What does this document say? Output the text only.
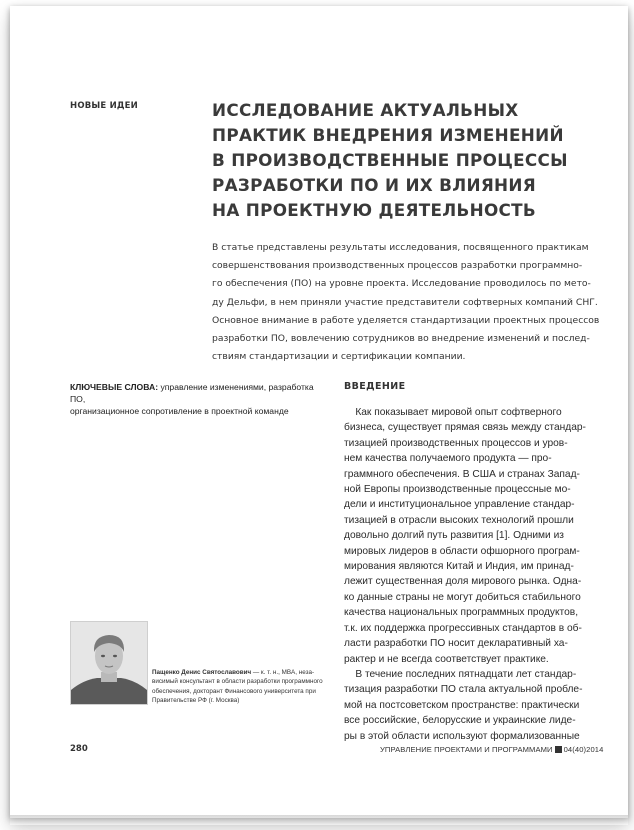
НОВЫЕ ИДЕИ	ИССЛЕДОВАНИЕ АКТУАЛЬНЫХ
ПРАКТИК ВНЕДРЕНИЯ ИЗМЕНЕНИЙ
В ПРОИЗВОДСТВЕННЫЕ ПРОЦЕССЫ
РАЗРАБОТКИ ПО И ИХ ВЛИЯНИЯ
НА ПРОЕКТНУЮ ДЕЯТЕЛЬНОСТЬ
В статье представлены результаты исследования, посвященного практикам
совершенствования производственных процессов разработки программно-
го обеспечения (ПО) на уровне проекта. Исследование проводилось по мето-
ду Дельфи, в нем приняли участие представители софтверных компаний СНГ.
Основное внимание в работе уделяется стандартизации проектных процессов
разработки ПО, вовлечению сотрудников во внедрение изменений и послед-
ствиям стандартизации и сертификации компании.
КЛЮЧЕВЫЕ СЛОВА: управление изменениями, разработка ПО,
организационное сопротивление в проектной команде
ВВЕДЕНИЕ
Как показывает мировой опыт софтверного
бизнеса, существует прямая связь между стандар-
тизацией производственных процессов и уров-
нем качества получаемого продукта — про-
граммного обеспечения. В США и странах Запад-
ной Европы производственные процессные мо-
дели и институциональное управление стандар-
тизацией в отрасли высоких технологий прошли
довольно долгий путь развития [1]. Одними из
мировых лидеров в области офшорного програм-
мирования являются Китай и Индия, им принад-
лежит существенная доля мирового рынка. Одна-
ко данные страны не могут добиться стабильного
качества национальных программных продуктов,
т.к. их поддержка прогрессивных стандартов в об-
ласти разработки ПО носит декларативный ха-
рактер и не всегда соответствует практике.
В течение последних пятнадцати лет стандар-
тизация разработки ПО стала актуальной пробле-
мой на постсоветском пространстве: практически
все российские, белорусские и украинские лиде-
ры в этой области используют формализованные
Пащенко Денис Святославович — к. т. н., MBA, неза-
висимый консультант в области разработки программного
обеспечения, докторант Финансового университета при
Правительстве РФ (г. Москва)
280	УПРАВЛЕНИЕ ПРОЕКТАМИ И ПРОГРАММАМИ 04(40)2014
